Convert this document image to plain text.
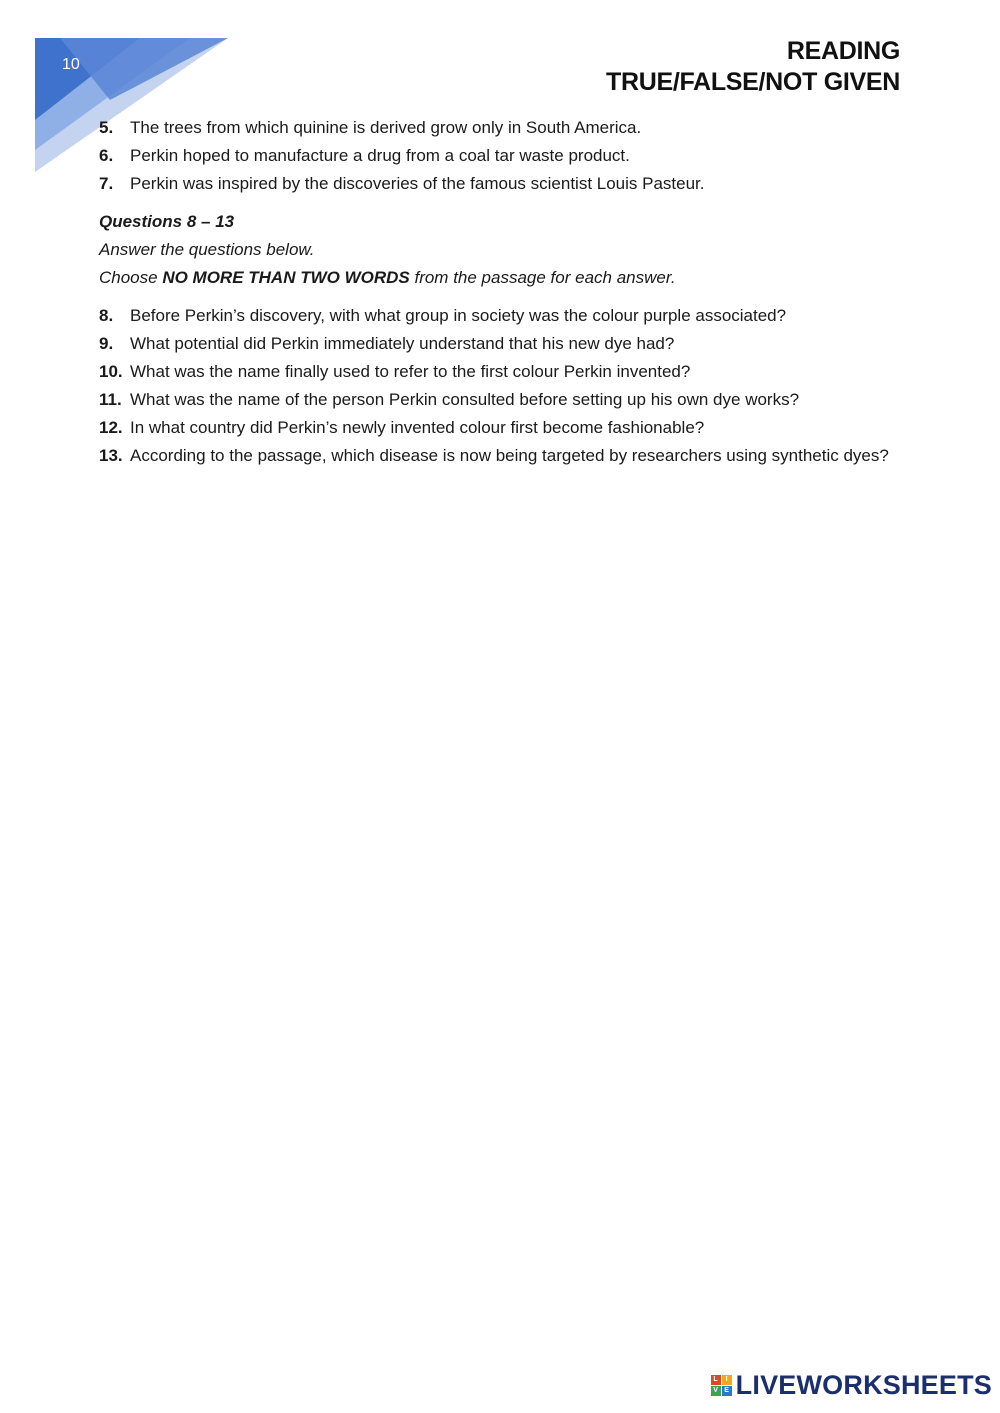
10	READING
TRUE/FALSE/NOT GIVEN
5. The trees from which quinine is derived grow only in South America.
6. Perkin hoped to manufacture a drug from a coal tar waste product.
7. Perkin was inspired by the discoveries of the famous scientist Louis Pasteur.
Questions 8 – 13
Answer the questions below.
Choose NO MORE THAN TWO WORDS from the passage for each answer.
8. Before Perkin’s discovery, with what group in society was the colour purple associated?
9. What potential did Perkin immediately understand that his new dye had?
10. What was the name finally used to refer to the first colour Perkin invented?
11. What was the name of the person Perkin consulted before setting up his own dye works?
12. In what country did Perkin’s newly invented colour first become fashionable?
13. According to the passage, which disease is now being targeted by researchers using synthetic dyes?
L	I
V E LIVEWORKSHEETS
